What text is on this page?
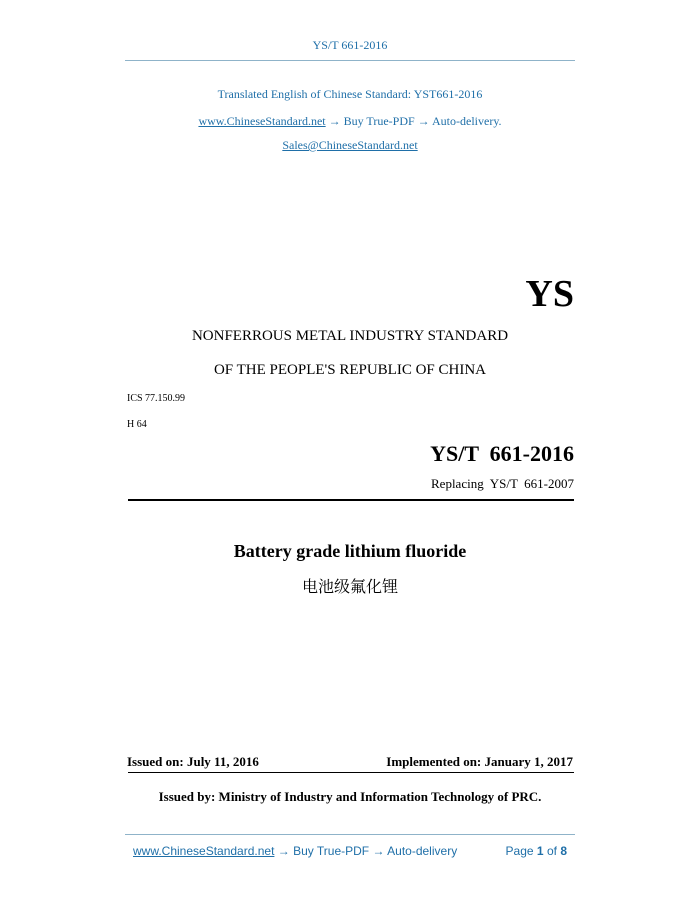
YS/T 661-2016
Translated English of Chinese Standard: YST661-2016
www.ChineseStandard.net → Buy True-PDF → Auto-delivery.
Sales@ChineseStandard.net
YS
NONFERROUS METAL INDUSTRY STANDARD
OF THE PEOPLE'S REPUBLIC OF CHINA
ICS 77.150.99
H 64
YS/T  661-2016
Replacing  YS/T  661-2007
Battery grade lithium fluoride
电池级氟化锂
Issued on: July 11, 2016	Implemented on: January 1, 2017
Issued by: Ministry of Industry and Information Technology of PRC.
www.ChineseStandard.net → Buy True-PDF → Auto-delivery	Page 1 of 8
